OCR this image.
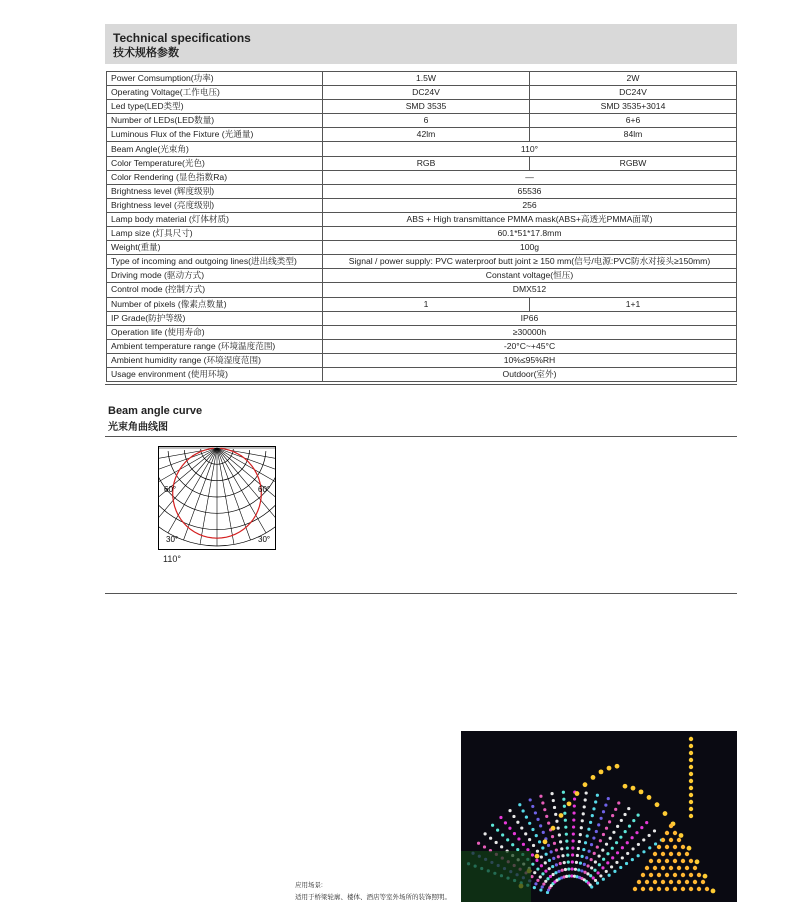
Technical specifications
技术规格参数
Power Comsumption(功率)	1.5W	2W
Operating Voltage(工作电压)	DC24V	DC24V
Led type(LED类型)	SMD 3535	SMD 3535+3014
Number of LEDs(LED数量)	6	6+6
Luminous Flux of the Fixture (光通量)	42lm	84lm
Beam Angle(光束角)	110°	
Color Temperature(光色)	RGB	RGBW
Color Rendering (显色指数Ra)	—	
Brightness level (辉度级别)	65536	
Brightness level (亮度级别)	256	
Lamp body material (灯体材质)	ABS + High transmittance PMMA mask(ABS+高透光PMMA面罩)	
Lamp size (灯具尺寸)	60.1*51*17.8mm	
Weight(重量)	100g	
Type of incoming and outgoing lines(进出线类型)	Signal / power supply: PVC waterproof butt joint ≥ 150 mm(信号/电源:PVC防水对接头≥150mm)	
Driving mode (驱动方式)	Constant voltage(恒压)	
Control mode (控制方式)	DMX512	
Number of pixels (像素点数量)	1	1+1
IP Grade(防护等级)	IP66	
Operation life (使用寿命)	≥30000h	
Ambient temperature range (环境温度范围)	-20°C~+45°C	
Ambient humidity range (环境湿度范围)	10%≤95%RH	
Usage environment (使用环境)	Outdoor(室外)	
Beam angle curve
光束角曲线图
60°	60°
30°	30°
110°
应用场景:
适用于桥梁轮廓、楼体、酒店等室外场所的装饰照明。
